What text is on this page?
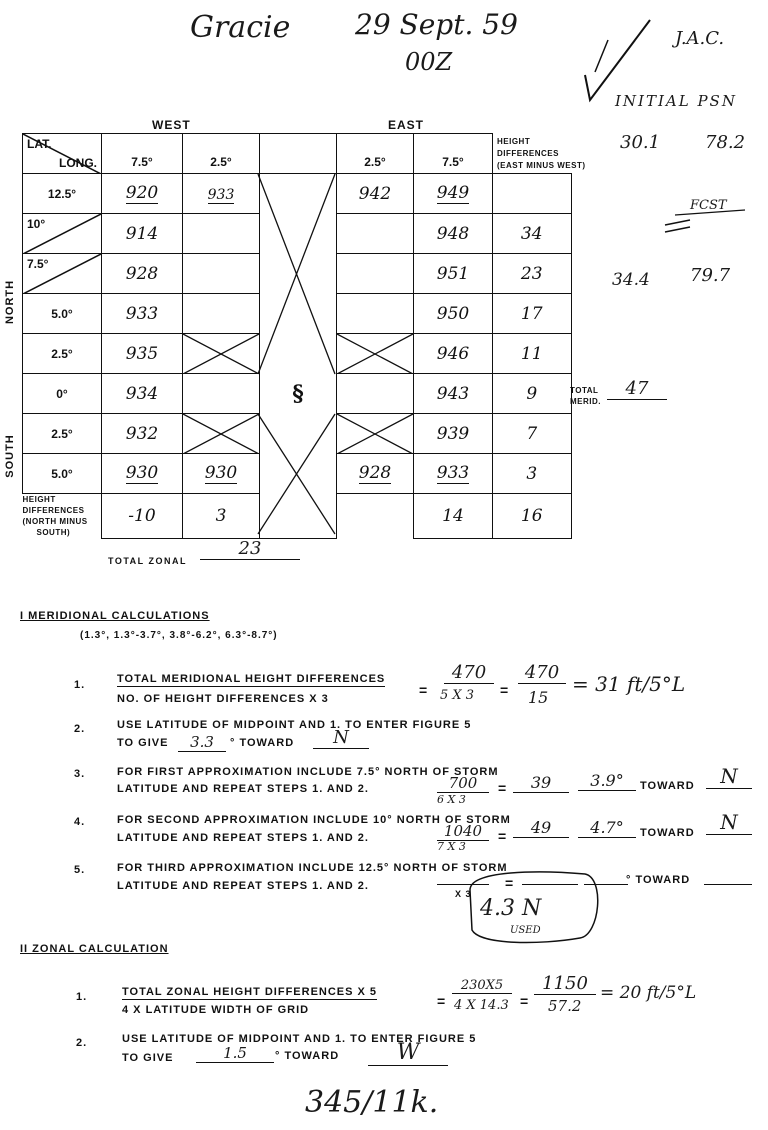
Gracie 29 Sept. 59
00Z
J.A.C.
INITIAL PSN
30.1 78.2
FCST
34.4 79.7
WEST	EAST
HEIGHT
DIFFERENCES
(EAST MINUS WEST)
LAT.
LONG.	7.5°	2.5°		2.5°	7.5°		
12.5°	920	933		942	949		

10°	914				948	34	

7.5°	928				951	23	
5.0°	933				950	17	
2.5°	935				946	11	
0°	934		§		943	9	
2.5°	932				939	7	
5.0°	930	930		928	933	3	

HEIGHT
DIFFERENCES
(NORTH MINUS
SOUTH)	-10	3			14	16	
NORTH
SOUTH
TOTAL
MERID.
47
TOTAL ZONAL
23
I MERIDIONAL CALCULATIONS
(1.3°, 1.3°-3.7°, 3.8°-6.2°, 6.3°-8.7°)
1.	TOTAL MERIDIONAL HEIGHT DIFFERENCES
NO. OF HEIGHT DIFFERENCES X 3
=
470
5 X 3 =
470
15
= 31 ft/5°L
2.	USE LATITUDE OF MIDPOINT AND 1. TO ENTER FIGURE 5
TO GIVE	3.3	° TOWARD	N
3.	FOR FIRST APPROXIMATION INCLUDE 7.5° NORTH OF STORM
LATITUDE AND REPEAT STEPS 1. AND 2.	700
6 X 3
=	39	3.9°	TOWARD	N
4.	FOR SECOND APPROXIMATION INCLUDE 10° NORTH OF STORM
LATITUDE AND REPEAT STEPS 1. AND 2.	1040
7 X 3
=	49	4.7°	TOWARD	N
5.	FOR THIRD APPROXIMATION INCLUDE 12.5° NORTH OF STORM
LATITUDE AND REPEAT STEPS 1. AND 2.
X 3
=	° TOWARD
4.3 N
USED
II ZONAL CALCULATION
1.	TOTAL ZONAL HEIGHT DIFFERENCES X 5
4 X LATITUDE WIDTH OF GRID
=
230X5
4 X 14.3 =
1150
57.2
= 20 ft/5°L
2.	USE LATITUDE OF MIDPOINT AND 1. TO ENTER FIGURE 5
TO GIVE	1.5	° TOWARD	W
345/11k.
